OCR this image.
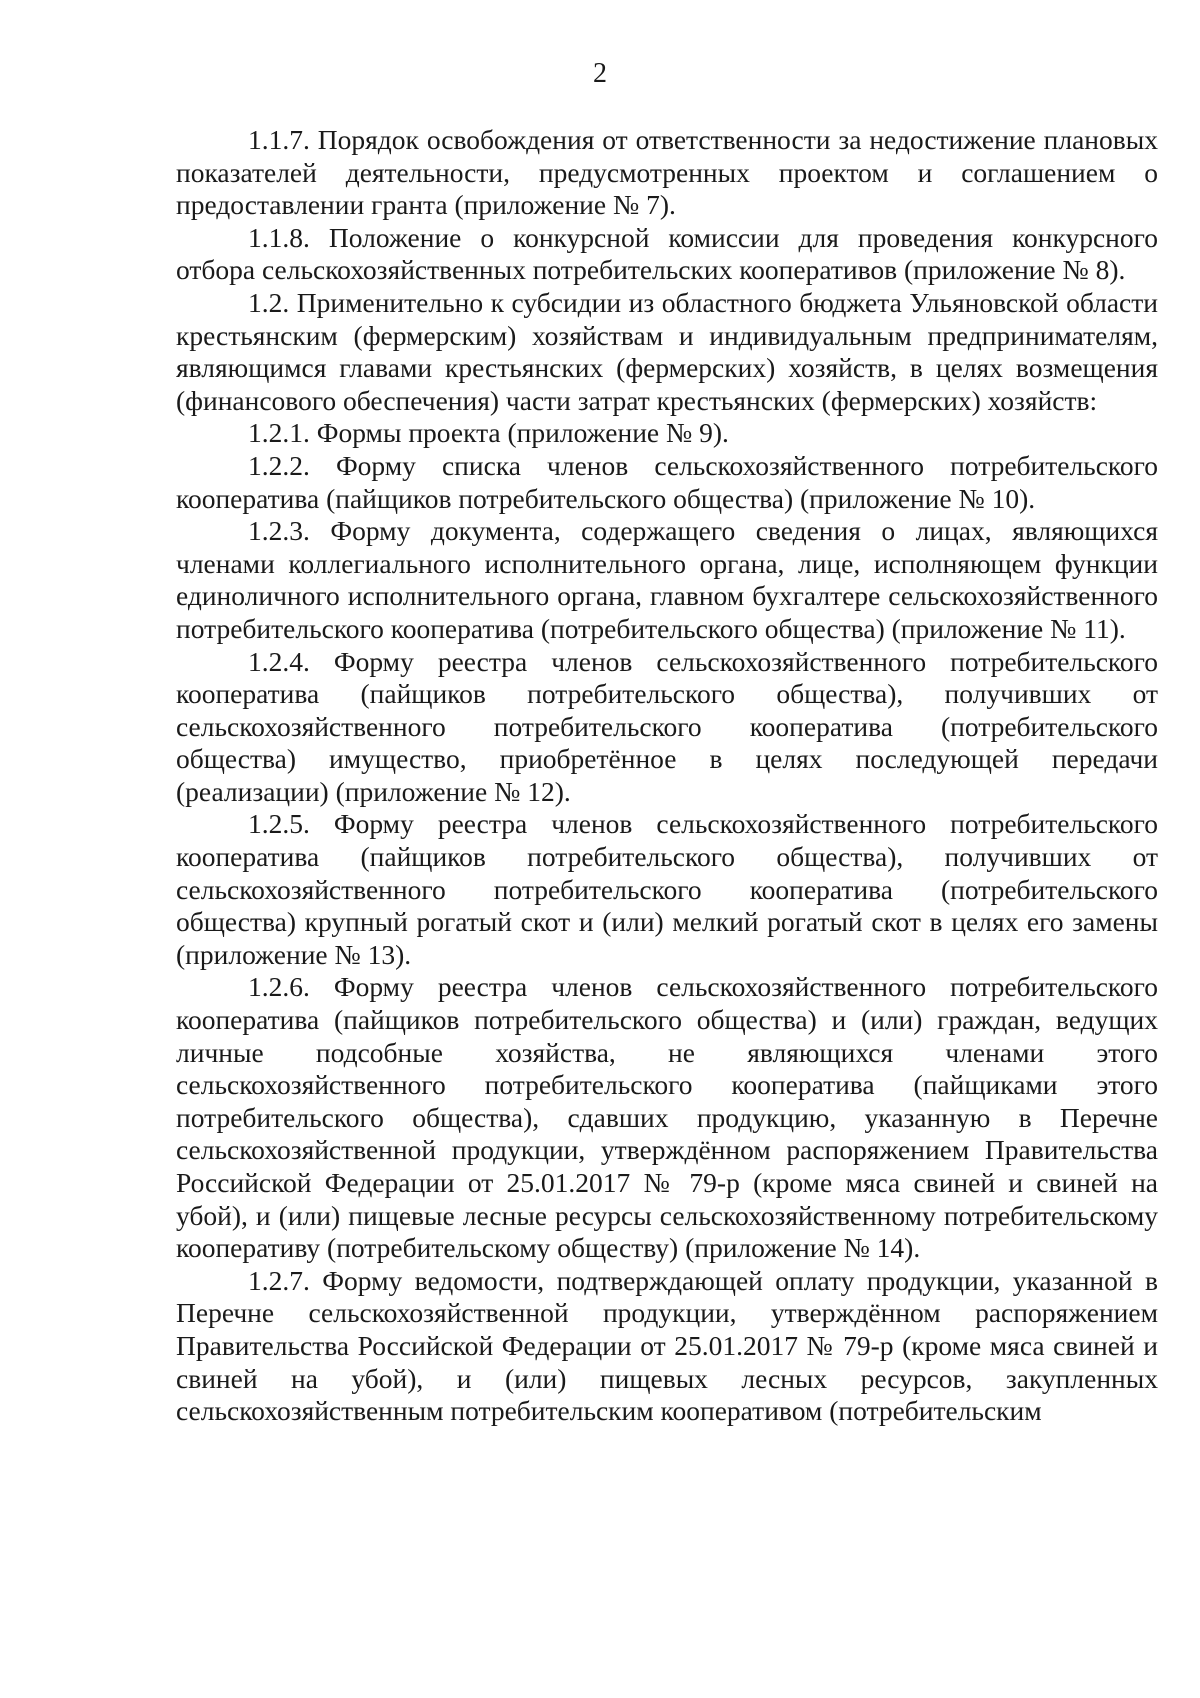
2

1.1.7. Порядок освобождения от ответственности за недостижение плановых показателей деятельности, предусмотренных проектом и соглашением о предоставлении гранта (приложение № 7).

1.1.8. Положение о конкурсной комиссии для проведения конкурсного отбора сельскохозяйственных потребительских кооперативов (приложение № 8).

1.2. Применительно к субсидии из областного бюджета Ульяновской области крестьянским (фермерским) хозяйствам и индивидуальным предпринимателям, являющимся главами крестьянских (фермерских) хозяйств, в целях возмещения (финансового обеспечения) части затрат крестьянских (фермерских) хозяйств:

1.2.1. Формы проекта (приложение № 9).

1.2.2. Форму списка членов сельскохозяйственного потребительского кооператива (пайщиков потребительского общества) (приложение № 10).

1.2.3. Форму документа, содержащего сведения о лицах, являющихся членами коллегиального исполнительного органа, лице, исполняющем функции единоличного исполнительного органа, главном бухгалтере сельскохозяйственного потребительского кооператива (потребительского общества) (приложение № 11).

1.2.4. Форму реестра членов сельскохозяйственного потребительского кооператива (пайщиков потребительского общества), получивших от сельскохозяйственного потребительского кооператива (потребительского общества) имущество, приобретённое в целях последующей передачи (реализации) (приложение № 12).

1.2.5. Форму реестра членов сельскохозяйственного потребительского кооператива (пайщиков потребительского общества), получивших от сельскохозяйственного потребительского кооператива (потребительского общества) крупный рогатый скот и (или) мелкий рогатый скот в целях его замены (приложение № 13).

1.2.6. Форму реестра членов сельскохозяйственного потребительского кооператива (пайщиков потребительского общества) и (или) граждан, ведущих личные подсобные хозяйства, не являющихся членами этого сельскохозяйственного потребительского кооператива (пайщиками этого потребительского общества), сдавших продукцию, указанную в Перечне сельскохозяйственной продукции, утверждённом распоряжением Правительства Российской Федерации от 25.01.2017 № 79-р (кроме мяса свиней и свиней на убой), и (или) пищевые лесные ресурсы сельскохозяйственному потребительскому кооперативу (потребительскому обществу) (приложение № 14).

1.2.7. Форму ведомости, подтверждающей оплату продукции, указанной в Перечне сельскохозяйственной продукции, утверждённом распоряжением Правительства Российской Федерации от 25.01.2017 № 79-р (кроме мяса свиней и свиней на убой), и (или) пищевых лесных ресурсов, закупленных сельскохозяйственным потребительским кооперативом (потребительским
